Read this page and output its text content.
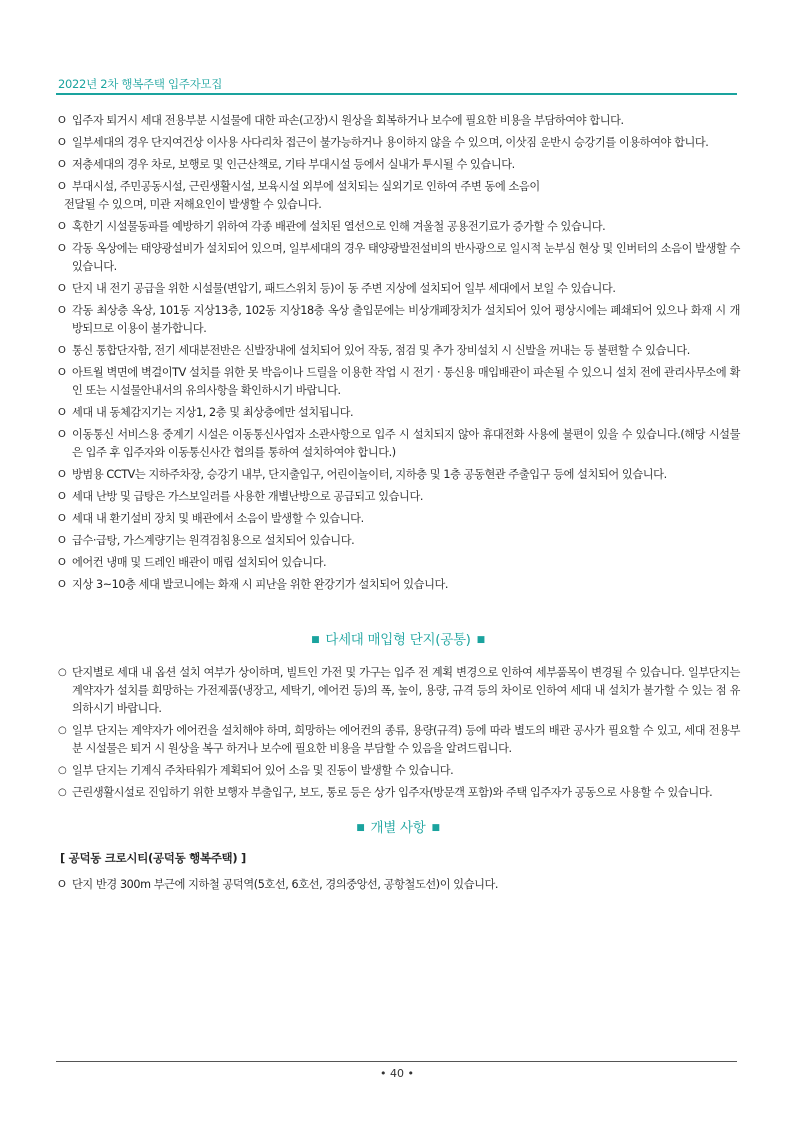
2022년 2차 행복주택 입주자모집
O 입주자 퇴거시 세대 전용부분 시설물에 대한 파손(고장)시 원상을 회복하거나 보수에 필요한 비용을 부담하여야 합니다.
O 일부세대의 경우 단지여건상 이사용 사다리차 접근이 불가능하거나 용이하지 않을 수 있으며, 이삿짐 운반시 승강기를 이용하여야 합니다.
O 저층세대의 경우 차로, 보행로 및 인근산책로, 기타 부대시설 등에서 실내가 투시될 수 있습니다.
O 부대시설, 주민공동시설, 근린생활시설, 보육시설 외부에 설치되는 실외기로 인하여 주변 동에 소음이
전달될 수 있으며, 미관 저해요인이 발생할 수 있습니다.
O 혹한기 시설물동파를 예방하기 위하여 각종 배관에 설치된 열선으로 인해 겨울철 공용전기료가 증가할 수 있습니다.
O 각동 옥상에는 태양광설비가 설치되어 있으며, 일부세대의 경우 태양광발전설비의 반사광으로 일시적 눈부심 현상 및 인버터의 소음이 발생할 수 있습니다.
O 단지 내 전기 공급을 위한 시설물(변압기, 패드스위치 등)이 동 주변 지상에 설치되어 일부 세대에서 보일 수 있습니다.
O 각동 최상층 옥상, 101동 지상13층, 102동 지상18층 옥상 출입문에는 비상개폐장치가 설치되어 있어 평상시에는 폐쇄되어 있으나 화재 시 개방되므로 이용이 불가합니다.
O 통신 통합단자함, 전기 세대분전반은 신발장내에 설치되어 있어 작동, 점검 및 추가 장비설치 시 신발을 꺼내는 등 불편할 수 있습니다.
O 아트월 벽면에 벽걸이TV 설치를 위한 못 박음이나 드릴을 이용한 작업 시 전기 · 통신용 매입배관이 파손될 수 있으니 설치 전에 관리사무소에 확인 또는 시설물안내서의 유의사항을 확인하시기 바랍니다.
O 세대 내 동체감지기는 지상1, 2층 및 최상층에만 설치됩니다.
O 이동통신 서비스용 중계기 시설은 이동통신사업자 소관사항으로 입주 시 설치되지 않아 휴대전화 사용에 불편이 있을 수 있습니다.(해당 시설물은 입주 후 입주자와 이동통신사간 협의를 통하여 설치하여야 합니다.)
O 방범용 CCTV는 지하주차장, 승강기 내부, 단지출입구, 어린이놀이터, 지하층 및 1층 공동현관 주출입구 등에 설치되어 있습니다.
O 세대 난방 및 급탕은 가스보일러를 사용한 개별난방으로 공급되고 있습니다.
O 세대 내 환기설비 장치 및 배관에서 소음이 발생할 수 있습니다.
O 급수·급탕, 가스계량기는 원격검침용으로 설치되어 있습니다.
O 에어컨 냉매 및 드레인 배관이 매립 설치되어 있습니다.
O 지상 3~10층 세대 발코니에는 화재 시 피난을 위한 완강기가 설치되어 있습니다.
■ 다세대 매입형 단지(공통) ■
○ 단지별로 세대 내 옵션 설치 여부가 상이하며, 빌트인 가전 및 가구는 입주 전 계획 변경으로 인하여 세부품목이 변경될 수 있습니다. 일부단지는 계약자가 설치를 희망하는 가전제품(냉장고, 세탁기, 에어컨 등)의 폭, 높이, 용량, 규격 등의 차이로 인하여 세대 내 설치가 불가할 수 있는 점 유의하시기 바랍니다.
○ 일부 단지는 계약자가 에어컨을 설치해야 하며, 희망하는 에어컨의 종류, 용량(규격) 등에 따라 별도의 배관 공사가 필요할 수 있고, 세대 전용부분 시설물은 퇴거 시 원상을 복구 하거나 보수에 필요한 비용을 부담할 수 있음을 알려드립니다.
○ 일부 단지는 기계식 주차타워가 계획되어 있어 소음 및 진동이 발생할 수 있습니다.
○ 근린생활시설로 진입하기 위한 보행자 부출입구, 보도, 통로 등은 상가 입주자(방문객 포함)와 주택 입주자가 공동으로 사용할 수 있습니다.
■ 개별 사항 ■
[ 공덕동 크로시티(공덕동 행복주택) ]
O 단지 반경 300m 부근에 지하철 공덕역(5호선, 6호선, 경의중앙선, 공항철도선)이 있습니다.
• 40 •
